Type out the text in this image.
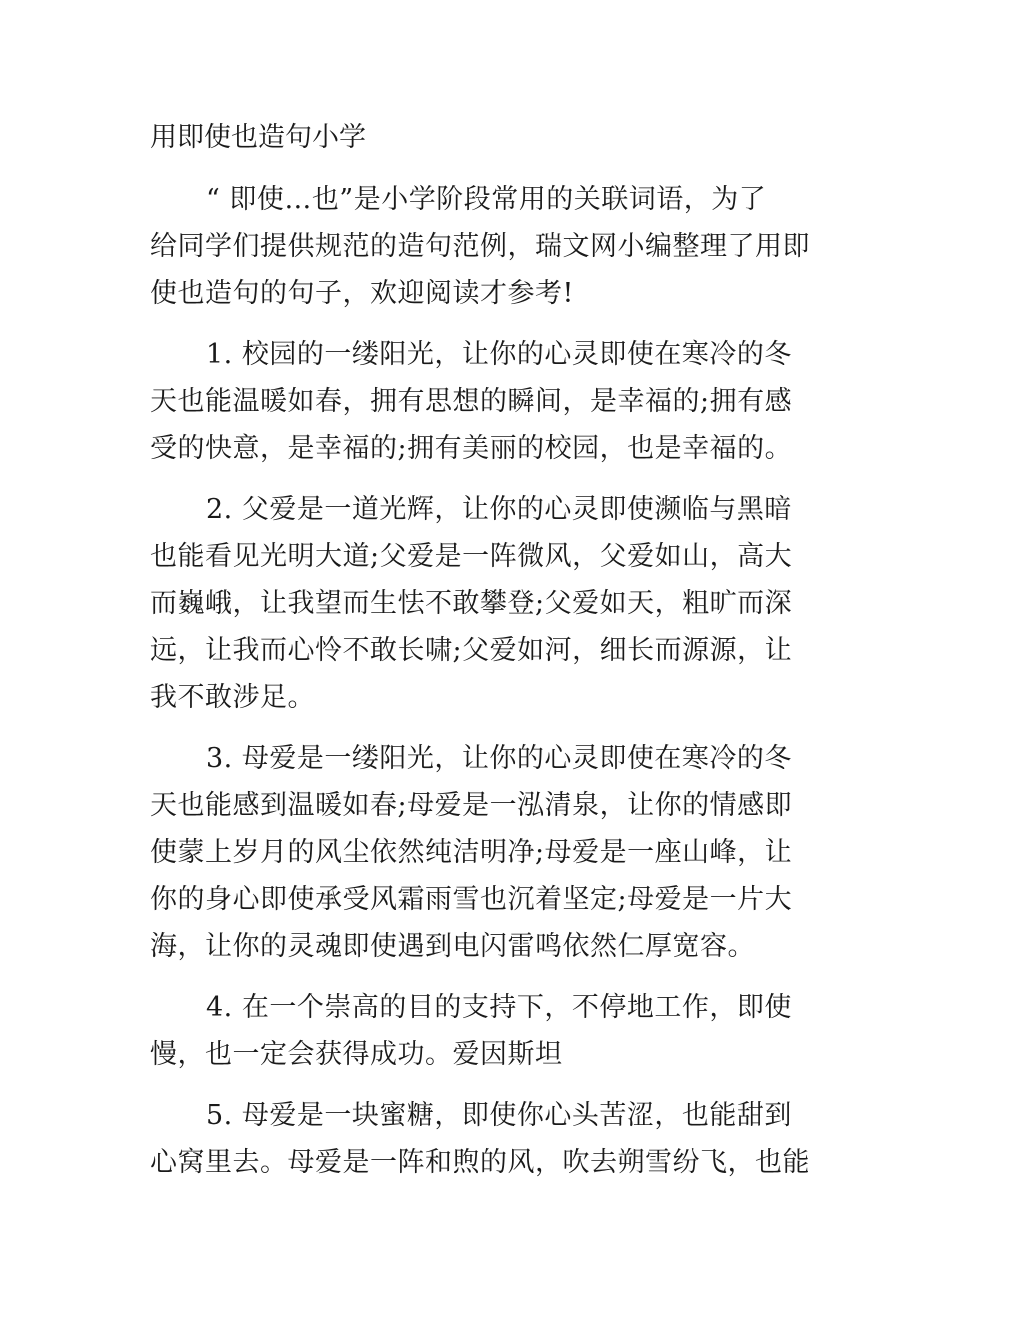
用即使也造句小学
“ 即使…也”是小学阶段常用的关联词语，为了
给同学们提供规范的造句范例，瑞文网小编整理了用即
使也造句的句子，欢迎阅读才参考!
1. 校园的一缕阳光，让你的心灵即使在寒冷的冬
天也能温暖如春，拥有思想的瞬间，是幸福的;拥有感
受的快意，是幸福的;拥有美丽的校园，也是幸福的。
2. 父爱是一道光辉，让你的心灵即使濒临与黑暗
也能看见光明大道;父爱是一阵微风，父爱如山，高大
而巍峨，让我望而生怯不敢攀登;父爱如天，粗旷而深
远，让我而心怜不敢长啸;父爱如河，细长而源源，让
我不敢涉足。
3. 母爱是一缕阳光，让你的心灵即使在寒冷的冬
天也能感到温暖如春;母爱是一泓清泉，让你的情感即
使蒙上岁月的风尘依然纯洁明净;母爱是一座山峰，让
你的身心即使承受风霜雨雪也沉着坚定;母爱是一片大
海，让你的灵魂即使遇到电闪雷鸣依然仁厚宽容。
4. 在一个崇高的目的支持下，不停地工作，即使
慢，也一定会获得成功。爱因斯坦
5. 母爱是一块蜜糖，即使你心头苦涩，也能甜到
心窝里去。母爱是一阵和煦的风，吹去朔雪纷飞，也能
